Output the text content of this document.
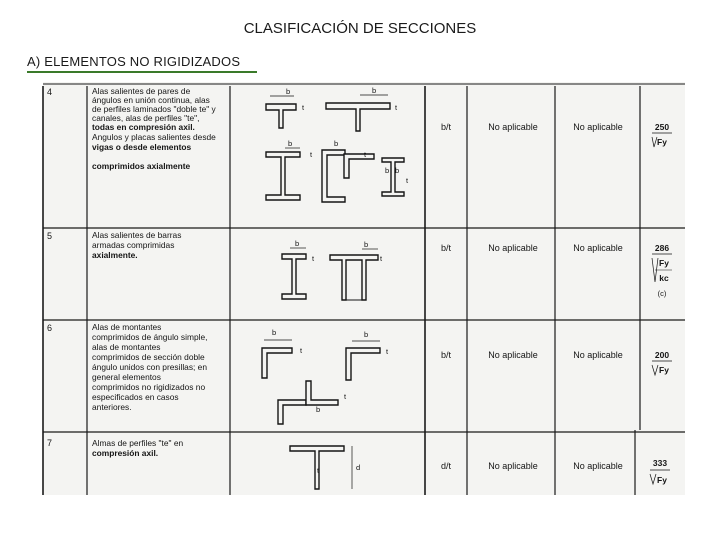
CLASIFICACIÓN DE SECCIONES
A) ELEMENTOS NO RIGIDIZADOS
4	Alas salientes de pares de
ángulos en unión continua, alas
de perfiles laminados "doble te" y
canales, alas de perfiles "te",
todas en compresión axil.
Angulos y placas salientes desde
vigas o desde elementos
comprimidos axialmente
b/t	No aplicable	No aplicable	250
Fy
5	Alas salientes de barras
armadas comprimidas
axialmente.
b/t	No aplicable	No aplicable	286
Fy
kc
(c)
6	Alas de montantes
comprimidos de ángulo simple,
alas de montantes
comprimidos de sección doble
ángulo unidos con presillas; en
general elementos
comprimidos no rigidizados no
especificados en casos
anteriores.
b/t	No aplicable	No aplicable	200
Fy
7	Almas de perfiles "te" en
compresión axil.
d/t	No aplicable	No aplicable	333
Fy
b
t
b
t
b
t
b
t
b b
t
b
t
b
t
b
t
b
t
t
b
t	d
